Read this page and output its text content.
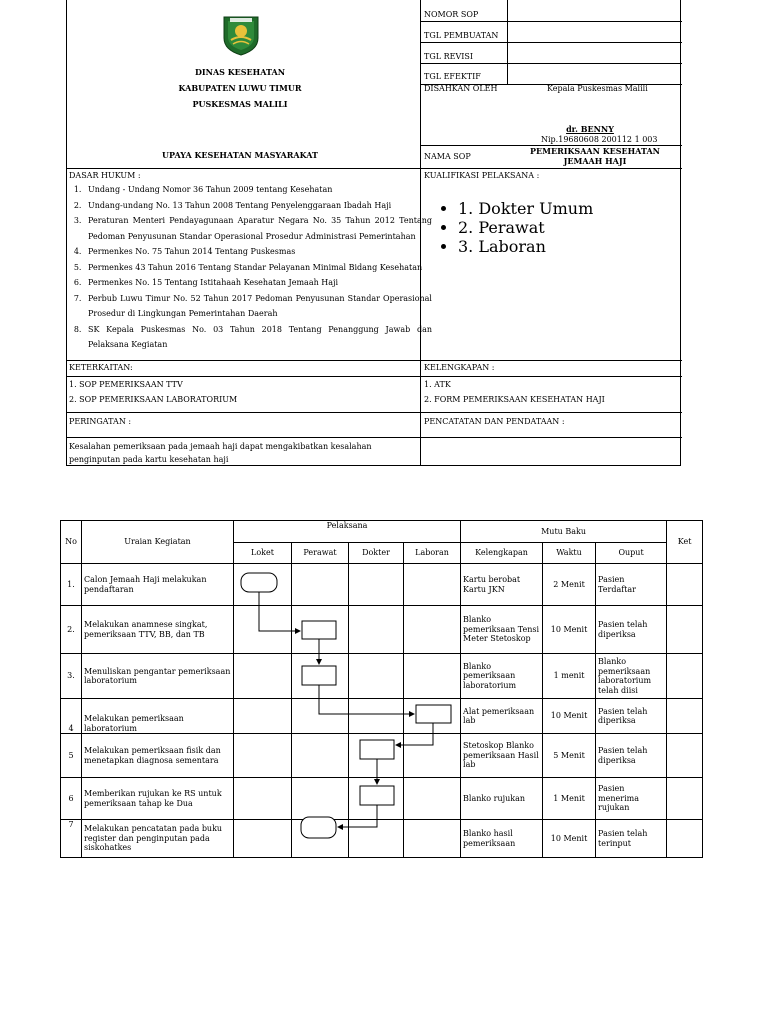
DINAS KESEHATAN
KABUPATEN LUWU TIMUR
PUSKESMAS MALILI
UPAYA KESEHATAN MASYARAKAT
NOMOR SOP
TGL PEMBUATAN
TGL REVISI
TGL EFEKTIF
DISAHKAN OLEH	Kepala Puskesmas Malili
dr. BENNY
Nip.19680608 200112 1 003
NAMA SOP
PEMERIKSAAN KESEHATAN
JEMAAH HAJI
DASAR HUKUM :
1. Undang - Undang Nomor 36 Tahun 2009 tentang Kesehatan
2. Undang-undang No. 13 Tahun 2008 Tentang Penyelenggaraan Ibadah Haji
3. Peraturan Menteri Pendayagunaan Aparatur Negara No. 35 Tahun 2012 Tentang Pedoman Penyusunan Standar Operasional Prosedur Administrasi Pemerintahan
4. Permenkes No. 75 Tahun 2014 Tentang Puskesmas
5. Permenkes 43 Tahun 2016 Tentang Standar Pelayanan Minimal Bidang Kesehatan
6. Permenkes No. 15 Tentang Istitahaah Kesehatan Jemaah Haji
7. Perbub Luwu Timur No. 52 Tahun 2017 Pedoman Penyusunan Standar Operasional Prosedur di Lingkungan Pemerintahan Daerah
8. SK Kepala Puskesmas No. 03 Tahun 2018 Tentang Penanggung Jawab dan Pelaksana Kegiatan
KUALIFIKASI PELAKSANA :
• 1. Dokter Umum
• 2. Perawat
• 3. Laboran
KETERKAITAN:	KELENGKAPAN :
1. SOP PEMERIKSAAN TTV
2. SOP PEMERIKSAAN LABORATORIUM
1. ATK
2. FORM PEMERIKSAAN KESEHATAN HAJI
PERINGATAN :	PENCATATAN DAN PENDATAAN :
Kesalahan pemeriksaan pada jemaah haji dapat mengakibatkan kesalahan penginputan pada kartu kesehatan haji
No	Uraian Kegiatan	Pelaksana				Mutu Baku			Ket
		Loket	Perawat	Dokter	Laboran	Kelengkapan	Waktu	Ouput	
1.	Calon Jemaah Haji melakukan pendaftaran					Kartu berobat Kartu JKN	2 Menit	Pasien Terdaftar	
2.	Melakukan anamnese singkat, pemeriksaan TTV, BB, dan TB					Blanko pemeriksaan Tensi Meter Stetoskop	10 Menit	Pasien telah diperiksa	
3.	Menuliskan pengantar pemeriksaan laboratorium					Blanko pemeriksaan laboratorium	1 menit	Blanko pemeriksaan laboratorium telah diisi	
4	Melakukan pemeriksaan laboratorium					Alat pemeriksaan lab	10 Menit	Pasien telah diperiksa	
5	Melakukan pemeriksaan fisik dan menetapkan diagnosa sementara					Stetoskop Blanko pemeriksaan Hasil lab	5 Menit	Pasien telah diperiksa	
6	Memberikan rujukan ke RS untuk pemeriksaan tahap ke Dua					Blanko rujukan	1 Menit	Pasien menerima rujukan	
7	Melakukan pencatatan pada buku register dan penginputan pada siskohatkes					Blanko hasil pemeriksaan	10 Menit	Pasien telah terinput	
